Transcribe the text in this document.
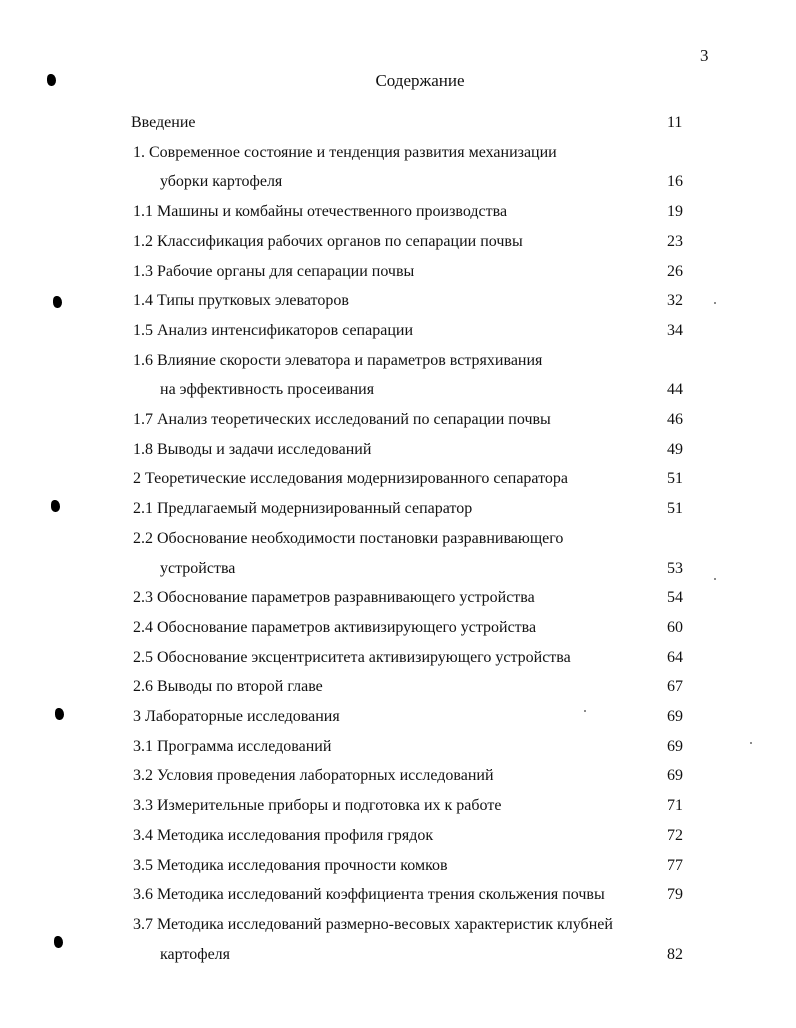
3
Содержание
Введение	11
1. Современное состояние и тенденция развития механизации
уборки картофеля	16
1.1 Машины и комбайны отечественного производства	19
1.2 Классификация рабочих органов по сепарации почвы	23
1.3 Рабочие органы для сепарации почвы	26
1.4 Типы прутковых элеваторов	32
1.5 Анализ интенсификаторов сепарации	34
1.6 Влияние скорости элеватора и параметров встряхивания
на эффективность просеивания	44
1.7 Анализ теоретических исследований по сепарации почвы	46
1.8 Выводы и задачи исследований	49
2 Теоретические исследования модернизированного сепаратора	51
2.1 Предлагаемый модернизированный сепаратор	51
2.2 Обоснование необходимости постановки разравнивающего
устройства	53
2.3 Обоснование параметров разравнивающего устройства	54
2.4 Обоснование параметров активизирующего устройства	60
2.5 Обоснование эксцентриситета активизирующего устройства	64
2.6 Выводы по второй главе	67
3 Лабораторные исследования	69
3.1 Программа исследований	69
3.2 Условия проведения лабораторных исследований	69
3.3 Измерительные приборы и подготовка их к работе	71
3.4 Методика исследования профиля грядок	72
3.5 Методика исследования прочности комков	77
3.6 Методика исследований коэффициента трения скольжения почвы	79
3.7 Методика исследований размерно-весовых характеристик клубней
картофеля	82
